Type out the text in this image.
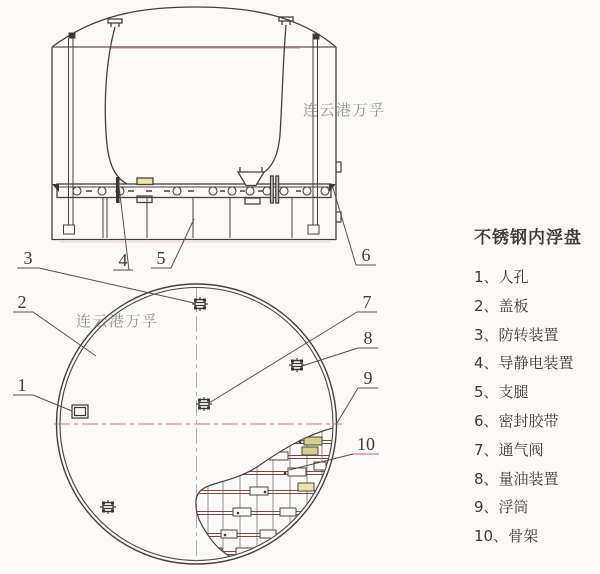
3	4 5	6
2
1
7
8
9
10
连云港万孚
连云港万孚
不锈钢内浮盘
1、人孔
2、盖板
3、防转装置
4、导静电装置
5、支腿
6、密封胶带
7、通气阀
8、量油装置
9、浮筒
10、骨架
